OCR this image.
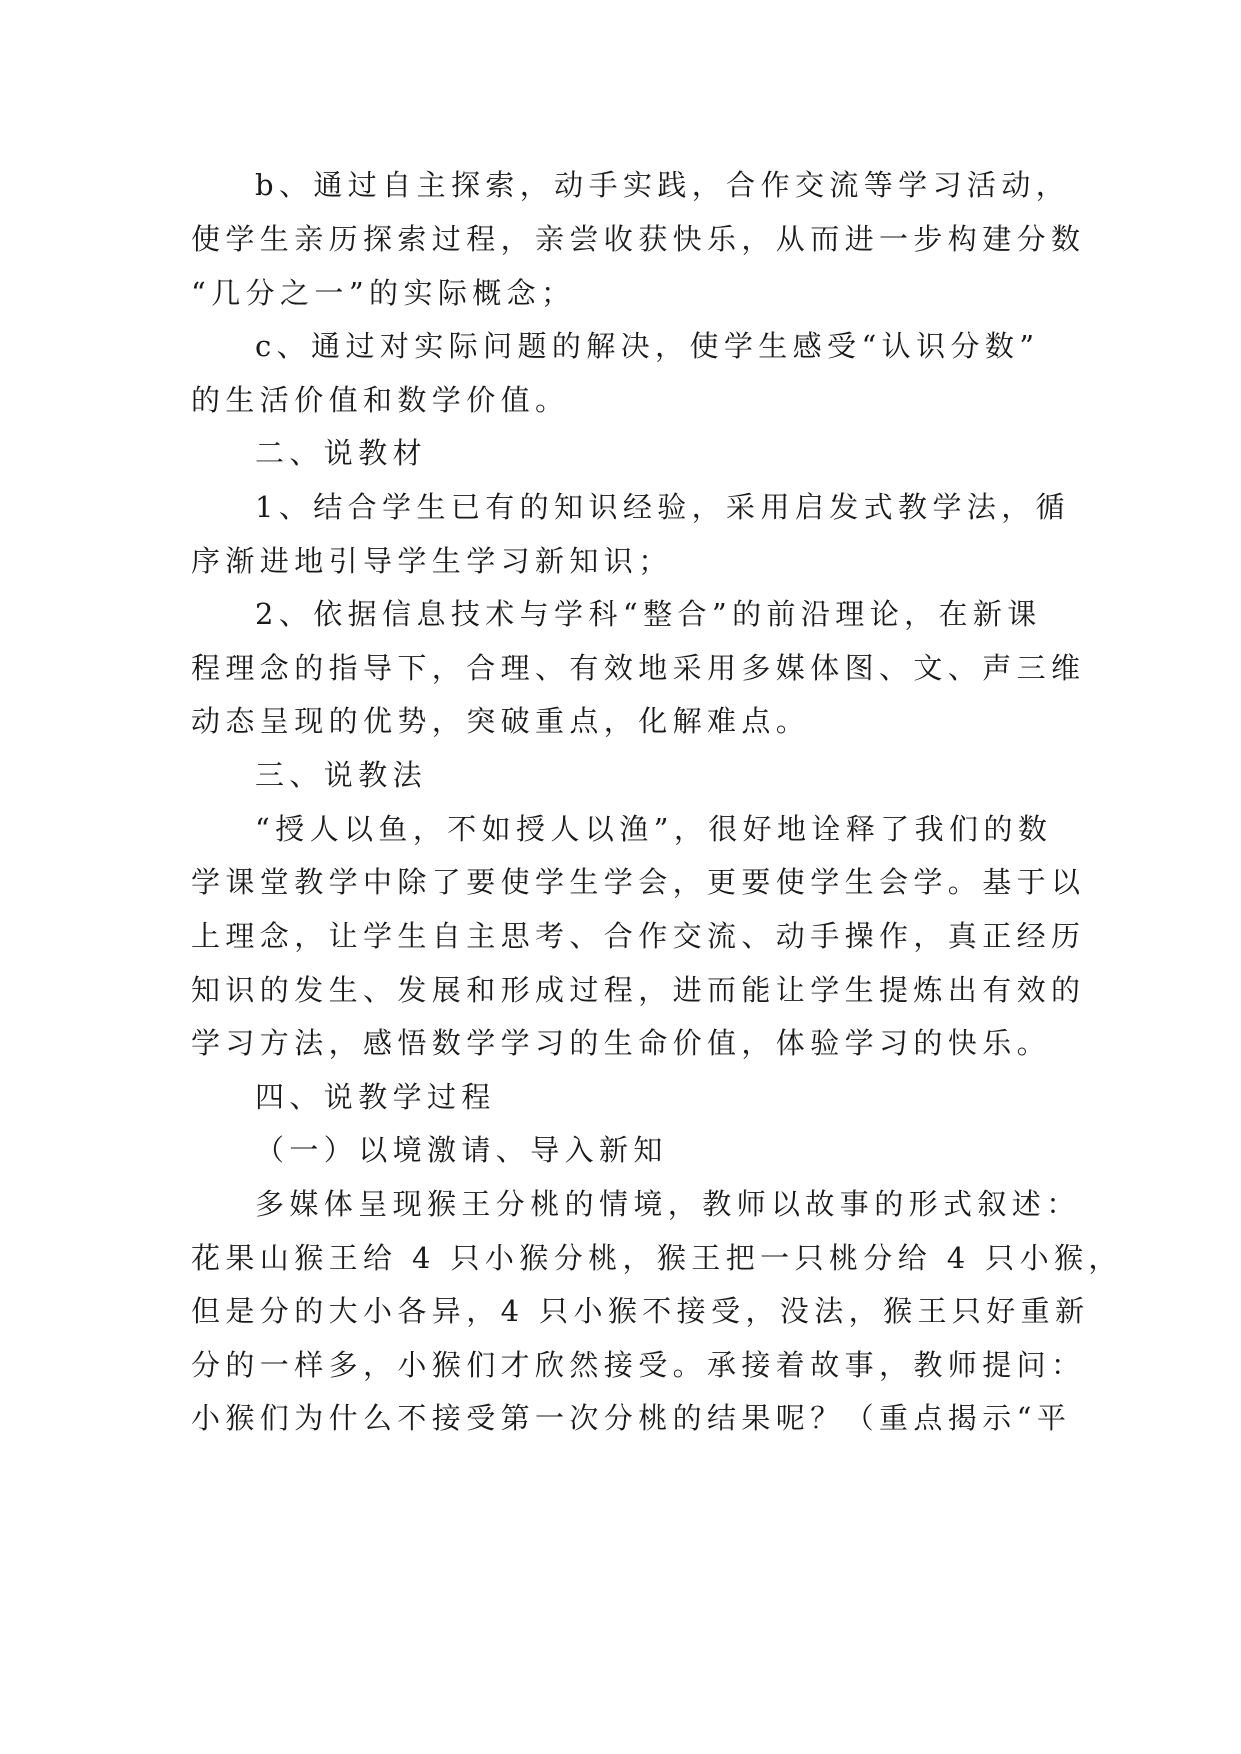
b、通过自主探索，动手实践，合作交流等学习活动，
使学生亲历探索过程，亲尝收获快乐，从而进一步构建分数
“几分之一”的实际概念；
c、通过对实际问题的解决，使学生感受“认识分数”
的生活价值和数学价值。
二、说教材
1、结合学生已有的知识经验，采用启发式教学法，循
序渐进地引导学生学习新知识；
2、依据信息技术与学科“整合”的前沿理论，在新课
程理念的指导下，合理、有效地采用多媒体图、文、声三维
动态呈现的优势，突破重点，化解难点。
三、说教法
“授人以鱼，不如授人以渔”，很好地诠释了我们的数
学课堂教学中除了要使学生学会，更要使学生会学。基于以
上理念，让学生自主思考、合作交流、动手操作，真正经历
知识的发生、发展和形成过程，进而能让学生提炼出有效的
学习方法，感悟数学学习的生命价值，体验学习的快乐。
四、说教学过程
（一）以境激请、导入新知
多媒体呈现猴王分桃的情境，教师以故事的形式叙述：
花果山猴王给 4 只小猴分桃，猴王把一只桃分给 4 只小猴，
但是分的大小各异，4 只小猴不接受，没法，猴王只好重新
分的一样多，小猴们才欣然接受。承接着故事，教师提问：
小猴们为什么不接受第一次分桃的结果呢？（重点揭示“平
